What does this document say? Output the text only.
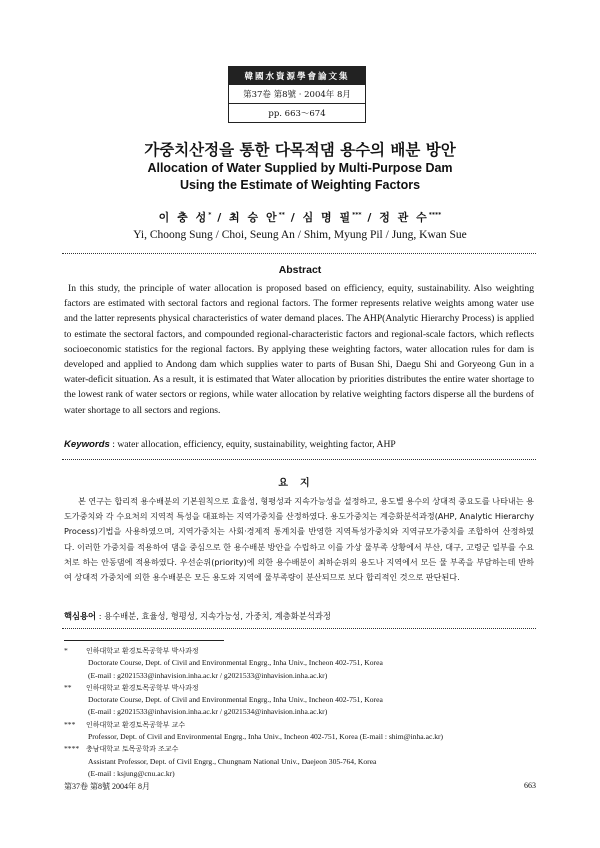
韓國水資源學會論文集
第37卷 第8號 · 2004年 8月
pp. 663～674
가중치산정을 통한 다목적댐 용수의 배분 방안
Allocation of Water Supplied by Multi-Purpose Dam
Using the Estimate of Weighting Factors
이 충 성* / 최 승 안** / 심 명 필*** / 정 관 수****
Yi, Choong Sung / Choi, Seung An / Shim, Myung Pil / Jung, Kwan Sue
Abstract

In this study, the principle of water allocation is proposed based on efficiency, equity, sustainability. Also weighting factors are estimated with sectoral factors and regional factors. The former represents relative weights among water use and the latter represents physical characteristics of water demand places. The AHP(Analytic Hierarchy Process) is applied to estimate the sectoral factors, and compounded regional-characteristic factors and regional-scale factors, which reflects socioeconomic statistics for the regional factors. By applying these weighting factors, water allocation rules for dam is developed and applied to Andong dam which supplies water to parts of Busan Shi, Daegu Shi and Goryeong Gun in a water-deficit situation. As a result, it is estimated that Water allocation by priorities distributes the entire water shortage to the lowest rank of water sectors or regions, while water allocation by relative weighting factors disperse all the burdens of water shortage to all sectors and regions.

Keywords : water allocation, efficiency, equity, sustainability, weighting factor, AHP
요지

본 연구는 합리적 용수배분의 기본원칙으로 효율성, 형평성과 지속가능성을 설정하고, 용도별 용수의 상대적 중요도를 나타내는 용도가중치와 각 수요처의 지역적 특성을 대표하는 지역가중치를 산정하였다. 용도가중치는 계층화분석과정(AHP, Analytic Hierarchy Process)기법을 사용하였으며, 지역가중치는 사회·경제적 통계치를 반영한 지역특성가중치와 지역규모가중치를 조합하여 산정하였다. 이러한 가중치를 적용하여 댐을 중심으로 한 용수배분 방안을 수립하고 이를 가상 물부족 상황에서 부산, 대구, 고령군 일부를 수요처로 하는 안동댐에 적용하였다. 우선순위(priority)에 의한 용수배분이 최하순위의 용도나 지역에서 모든 물 부족을 부담하는데 반하여 상대적 가중치에 의한 용수배분은 모든 용도와 지역에 물부족량이 분산되므로 보다 합리적인 것으로 판단된다.

핵심용어 : 용수배분, 효율성, 형평성, 지속가능성, 가중치, 계층화분석과정
*	인하대학교 환경토목공학부 박사과정
Doctorate Course, Dept. of Civil and Environmental Engrg., Inha Univ., Incheon 402-751, Korea
(E-mail : g2021533@inhavision.inha.ac.kr / g2021533@inhavision.inha.ac.kr)
** 인하대학교 환경토목공학부 박사과정
Doctorate Course, Dept. of Civil and Environmental Engrg., Inha Univ., Incheon 402-751, Korea
(E-mail : g2021533@inhavision.inha.ac.kr / g2021534@inhavision.inha.ac.kr)
*** 인하대학교 환경토목공학부 교수
Professor, Dept. of Civil and Environmental Engrg., Inha Univ., Incheon 402-751, Korea (E-mail : shim@inha.ac.kr)
**** 충남대학교 토목공학과 조교수
Assistant Professor, Dept. of Civil Engrg., Chungnam National Univ., Daejeon 305-764, Korea
(E-mail : ksjung@cnu.ac.kr)
第37卷 第8號 2004年 8月	663
